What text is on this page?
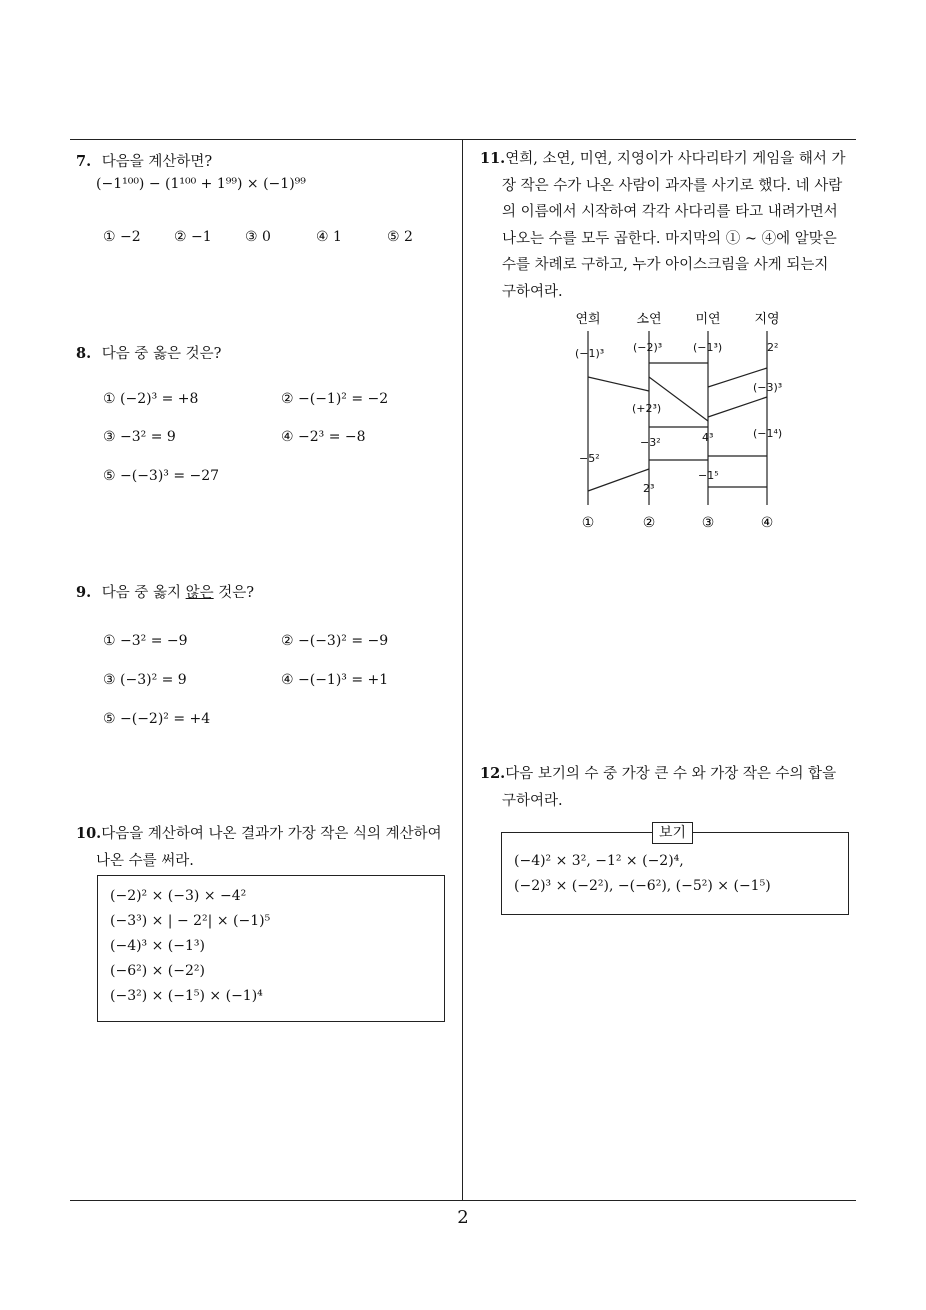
7. 다음을 계산하면?
(−1¹⁰⁰) − (1¹⁰⁰ + 1⁹⁹) × (−1)⁹⁹
① −2 ② −1 ③ 0	④ 1	⑤ 2
8. 다음 중 옳은 것은?
① (−2)³ = +8	② −(−1)² = −2
③ −3² = 9	④ −2³ = −8
⑤ −(−3)³ = −27
9. 다음 중 옳지 않은 것은?
① −3² = −9	② −(−3)² = −9
③ (−3)² = 9	④ −(−1)³ = +1
⑤ −(−2)² = +4
10.다음을 계산하여 나온 결과가 가장 작은 식의 계산하여
나온 수를 써라.
(−2)² × (−3) × −4²
(−3³) × | − 2²| × (−1)⁵
(−4)³ × (−1³)
(−6²) × (−2²)
(−3²) × (−1⁵) × (−1)⁴
11.연희, 소연, 미연, 지영이가 사다리타기 게임을 해서 가
장 작은 수가 나온 사람이 과자를 사기로 했다. 네 사람
의 이름에서 시작하여 각각 사다리를 타고 내려가면서
나오는 수를 모두 곱한다. 마지막의 ① ~ ④에 알맞은
수를 차례로 구하고, 누가 아이스크림을 사게 되는지
구하여라.
연희	소연	미연	지영
(−1)³	(−2)³	(−1³)	2²
(−3)³
(+2³)
−3²	4³	(−1⁴)
−5²
−1⁵
2³
①	②	③	④
12.다음 보기의 수 중 가장 큰 수 와 가장 작은 수의 합을
구하여라.
보기
(−4)² × 3², −1² × (−2)⁴,
(−2)³ × (−2²), −(−6²), (−5²) × (−1⁵)
2
